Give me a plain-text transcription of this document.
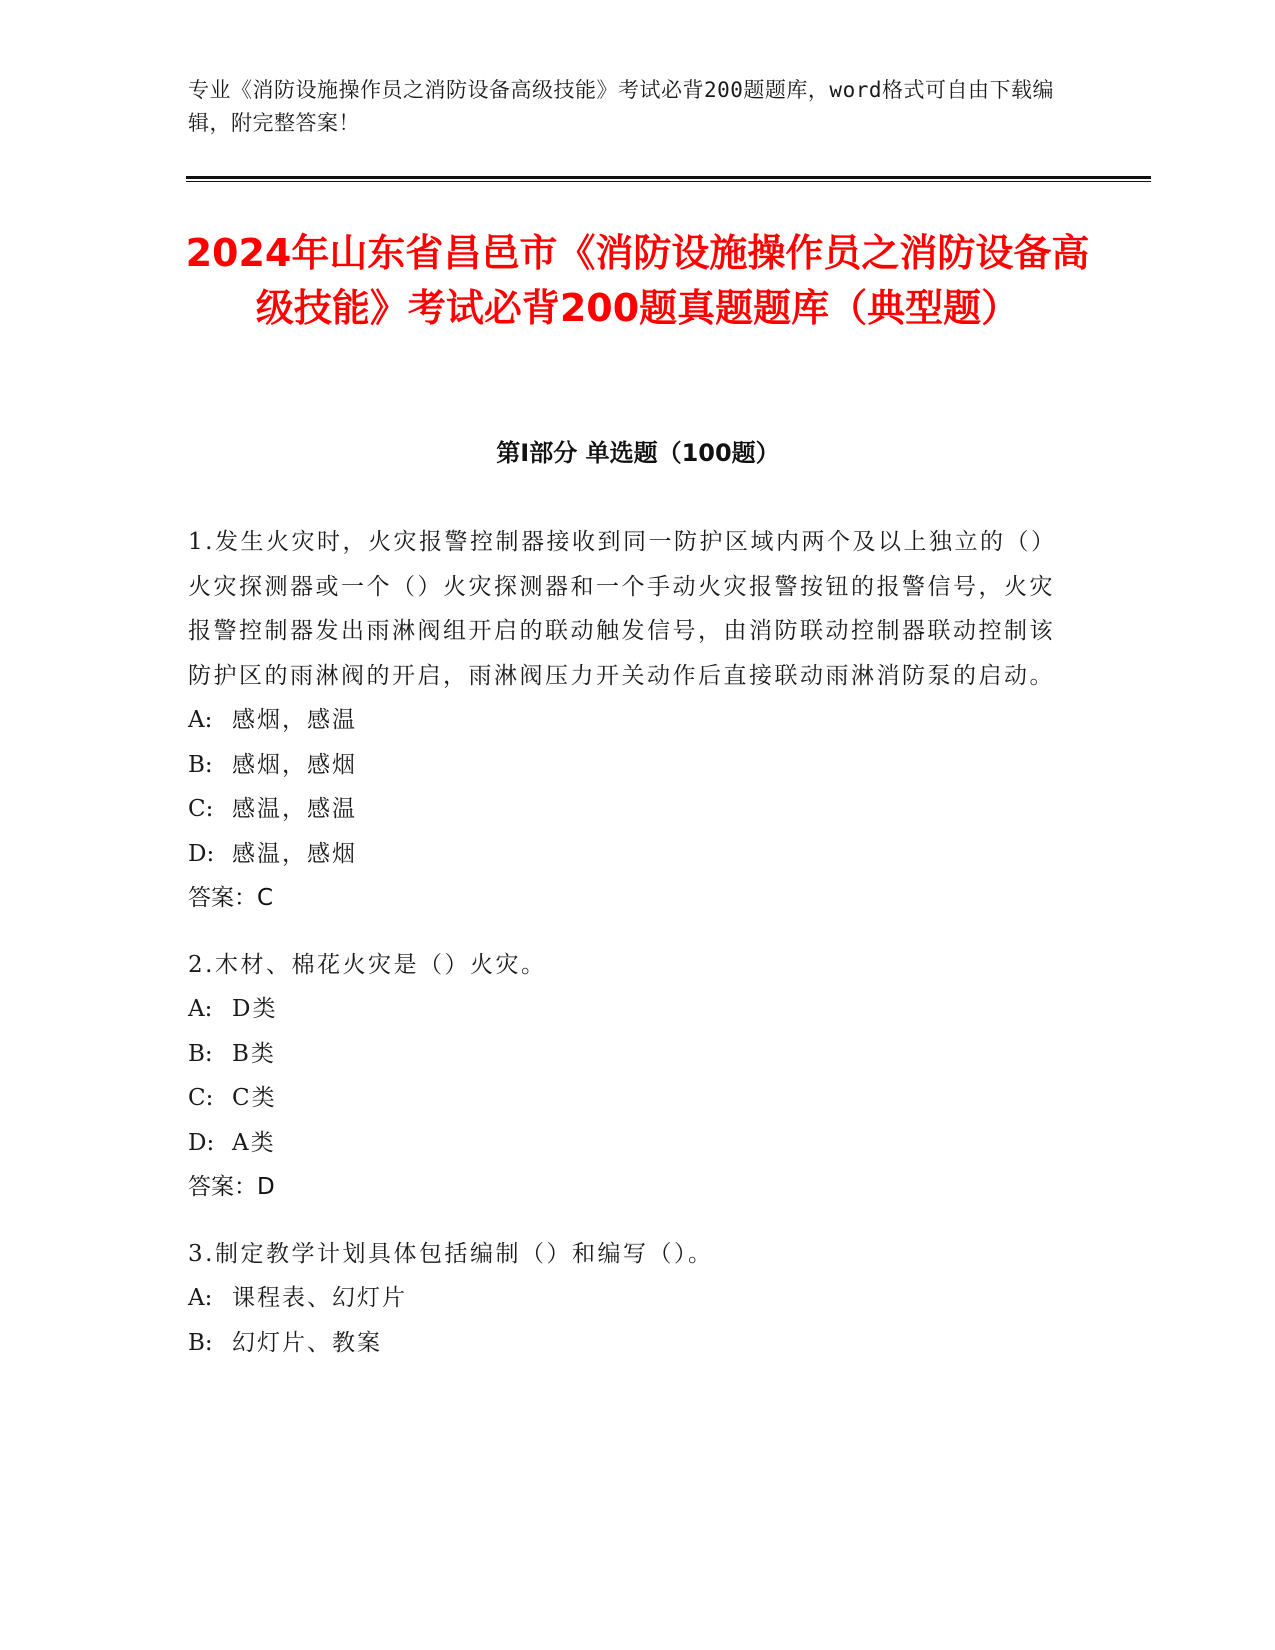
专业《消防设施操作员之消防设备高级技能》考试必背200题题库，word格式可自由下载编辑，附完整答案！
2024年山东省昌邑市《消防设施操作员之消防设备高级技能》考试必背200题真题题库（典型题）
第I部分 单选题（100题）

1.发生火灾时，火灾报警控制器接收到同一防护区域内两个及以上独立的（）火灾探测器或一个（）火灾探测器和一个手动火灾报警按钮的报警信号，火灾报警控制器发出雨淋阀组开启的联动触发信号，由消防联动控制器联动控制该防护区的雨淋阀的开启，雨淋阀压力开关动作后直接联动雨淋消防泵的启动。

A: 感烟，感温

B: 感烟，感烟

C: 感温，感温

D: 感温，感烟

答案：C

2.木材、棉花火灾是（）火灾。

A: D类

B: B类

C: C类

D: A类

答案：D

3.制定教学计划具体包括编制（）和编写（）。

A: 课程表、幻灯片

B: 幻灯片、教案
